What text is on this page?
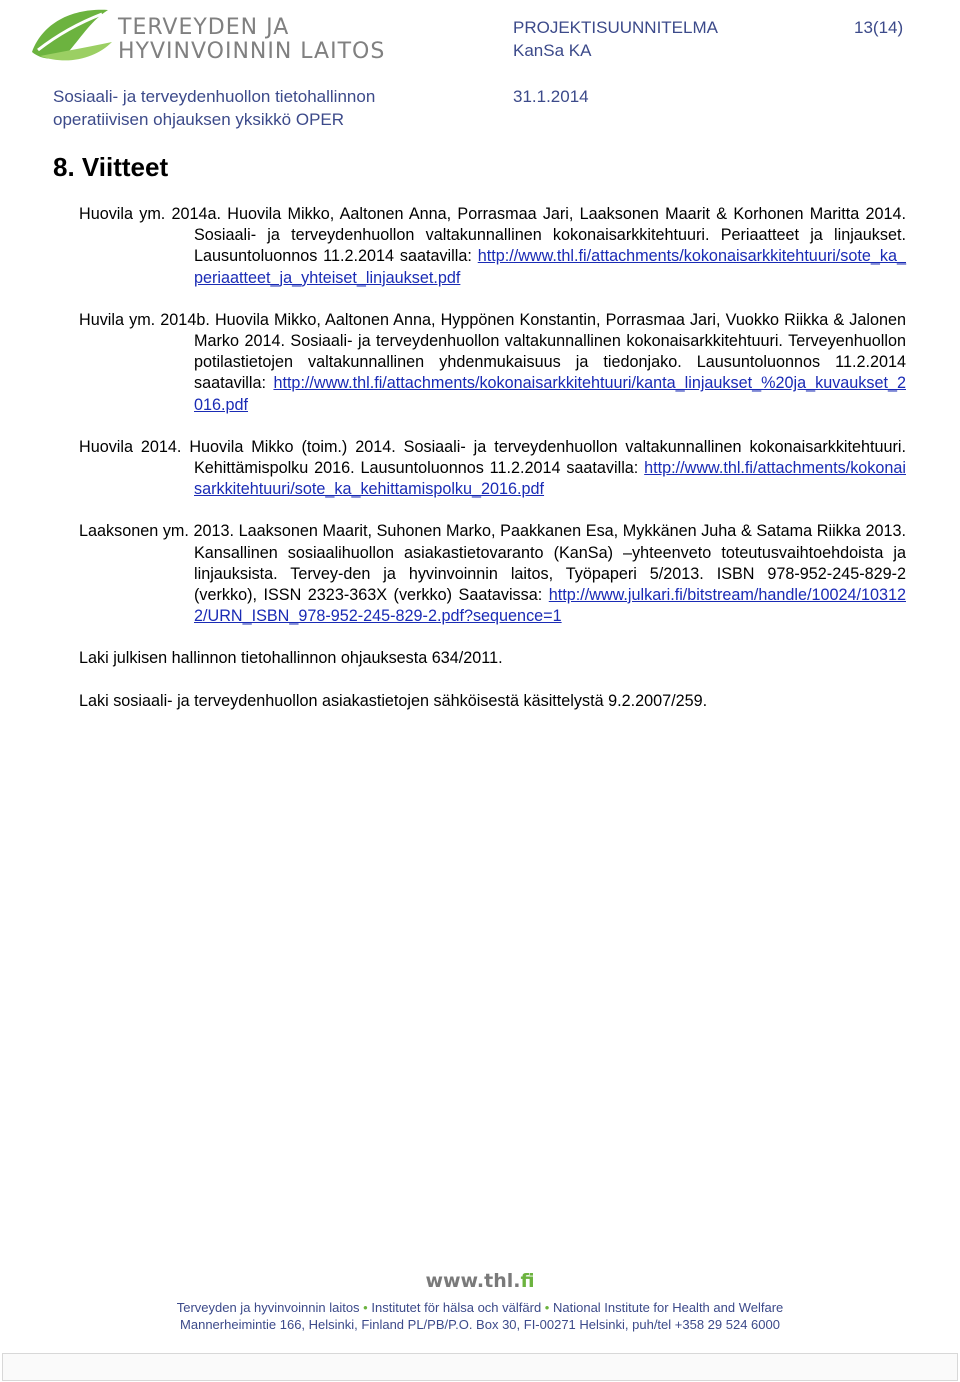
TERVEYDEN JA
HYVINVOINNIN LAITOS
PROJEKTISUUNNITELMA	13(14)
KanSa KA
Sosiaali- ja terveydenhuollon tietohallinnon
operatiivisen ohjauksen yksikkö OPER
31.1.2014
8. Viitteet

Huovila ym. 2014a. Huovila Mikko, Aaltonen Anna, Porrasmaa Jari, Laaksonen Maarit & Korhonen Maritta 2014. Sosiaali- ja terveydenhuollon valtakunnallinen kokonaisarkkitehtuuri. Periaatteet ja linjaukset. Lausuntoluonnos 11.2.2014 saatavilla: http://www.thl.fi/attachments/kokonaisarkkitehtuuri/sote_ka_periaatteet_ja_yhteiset_linjaukset.pdf

Huvila ym. 2014b. Huovila Mikko, Aaltonen Anna, Hyppönen Konstantin, Porrasmaa Jari, Vuokko Riikka & Jalonen Marko 2014. Sosiaali- ja terveydenhuollon valtakunnallinen kokonaisarkkitehtuuri. Terveyenhuollon potilastietojen valtakunnallinen yhdenmukaisuus ja tiedonjako. Lausuntoluonnos 11.2.2014 saatavilla: http://www.thl.fi/attachments/kokonaisarkkitehtuuri/kanta_linjaukset_%20ja_kuvaukset_2016.pdf

Huovila 2014. Huovila Mikko (toim.) 2014. Sosiaali- ja terveydenhuollon valtakunnallinen kokonaisarkkitehtuuri. Kehittämispolku 2016. Lausuntoluonnos 11.2.2014 saatavilla: http://www.thl.fi/attachments/kokonaisarkkitehtuuri/sote_ka_kehittamispolku_2016.pdf

Laaksonen ym. 2013. Laaksonen Maarit, Suhonen Marko, Paakkanen Esa, Mykkänen Juha & Satama Riikka 2013. Kansallinen sosiaalihuollon asiakastietovaranto (KanSa) –yhteenveto toteutusvaihtoehdoista ja linjauksista. Tervey-den ja hyvinvoinnin laitos, Työpaperi 5/2013. ISBN 978-952-245-829-2 (verkko), ISSN 2323-363X (verkko) Saatavissa: http://www.julkari.fi/bitstream/handle/10024/103122/URN_ISBN_978-952-245-829-2.pdf?sequence=1

Laki julkisen hallinnon tietohallinnon ohjauksesta 634/2011.

Laki sosiaali- ja terveydenhuollon asiakastietojen sähköisestä käsittelystä 9.2.2007/259.

www.thl.fi
Terveyden ja hyvinvoinnin laitos • Institutet för hälsa och välfärd • National Institute for Health and Welfare
Mannerheimintie 166, Helsinki, Finland PL/PB/P.O. Box 30, FI-00271 Helsinki, puh/tel +358 29 524 6000
